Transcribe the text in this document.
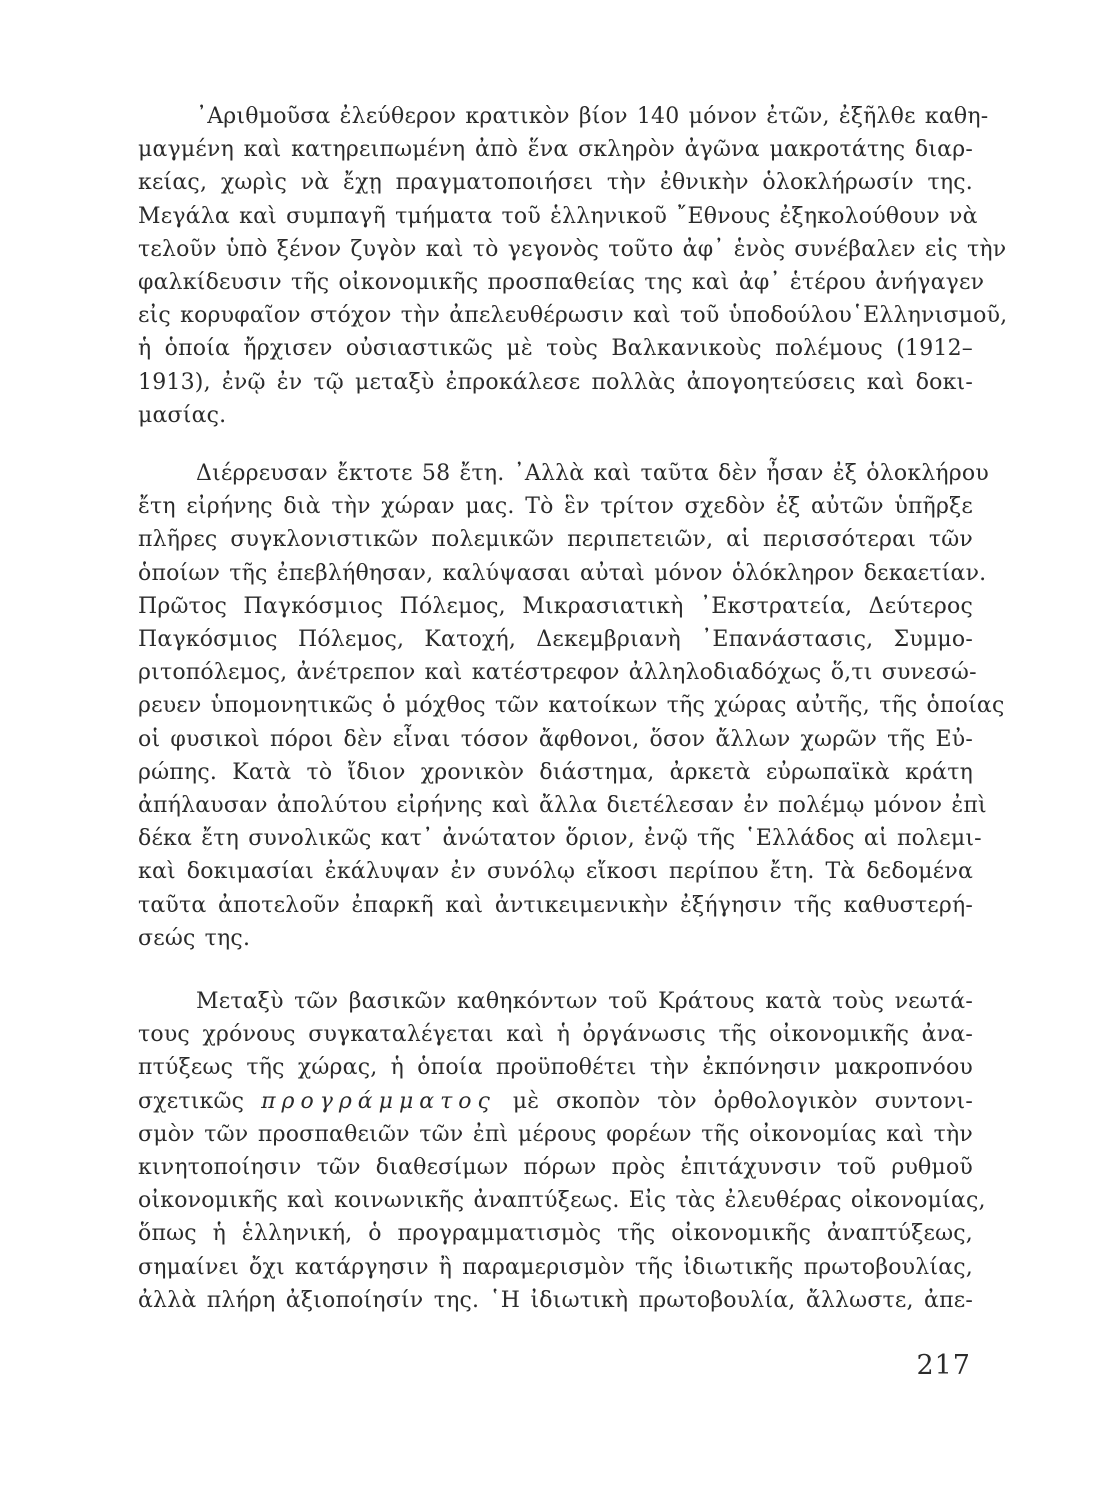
᾽Αριθμοῦσα ἐλεύθερον κρατικὸν βίον 140 μόνον ἐτῶν, ἐξῆλθε καθη-
μαγμένη καὶ κατηρειπωμένη ἀπὸ ἕνα σκληρὸν ἀγῶνα μακροτάτης διαρ-
κείας, χωρὶς νὰ ἔχῃ πραγματοποιήσει τὴν ἐθνικὴν ὁλοκλήρωσίν της.
Μεγάλα καὶ συμπαγῆ τμήματα τοῦ ἑλληνικοῦ ῎Εθνους ἐξηκολούθουν νὰ
τελοῦν ὑπὸ ξένον ζυγὸν καὶ τὸ γεγονὸς τοῦτο ἀφ᾽ ἑνὸς συνέβαλεν εἰς τὴν
φαλκίδευσιν τῆς οἰκονομικῆς προσπαθείας της καὶ ἀφ᾽ ἑτέρου ἀνήγαγεν
εἰς κορυφαῖον στόχον τὴν ἀπελευθέρωσιν καὶ τοῦ ὑποδούλου῾Ελληνισμοῦ,
ἡ ὁποία ἤρχισεν οὐσιαστικῶς μὲ τοὺς Βαλκανικοὺς πολέμους (1912–
1913), ἐνῷ ἐν τῷ μεταξὺ ἐπροκάλεσε πολλὰς ἀπογοητεύσεις καὶ δοκι-
μασίας.
Διέρρευσαν ἔκτοτε 58 ἔτη. ᾽Αλλὰ καὶ ταῦτα δὲν ἦσαν ἐξ ὁλοκλήρου
ἔτη εἰρήνης διὰ τὴν χώραν μας. Τὸ ἓν τρίτον σχεδὸν ἐξ αὐτῶν ὑπῆρξε
πλῆρες συγκλονιστικῶν πολεμικῶν περιπετειῶν, αἱ περισσότεραι τῶν
ὁποίων τῆς ἐπεβλήθησαν, καλύψασαι αὐταὶ μόνον ὁλόκληρον δεκαετίαν.
Πρῶτος Παγκόσμιος Πόλεμος, Μικρασιατικὴ ᾽Εκστρατεία, Δεύτερος
Παγκόσμιος Πόλεμος, Κατοχή, Δεκεμβριανὴ ᾽Επανάστασις, Συμμο-
ριτοπόλεμος, ἀνέτρεπον καὶ κατέστρεφον ἀλληλοδιαδόχως ὅ,τι συνεσώ-
ρευεν ὑπομονητικῶς ὁ μόχθος τῶν κατοίκων τῆς χώρας αὐτῆς, τῆς ὁποίας
οἱ φυσικοὶ πόροι δὲν εἶναι τόσον ἄφθονοι, ὅσον ἄλλων χωρῶν τῆς Εὐ-
ρώπης. Κατὰ τὸ ἴδιον χρονικὸν διάστημα, ἀρκετὰ εὐρωπαϊκὰ κράτη
ἀπήλαυσαν ἀπολύτου εἰρήνης καὶ ἄλλα διετέλεσαν ἐν πολέμῳ μόνον ἐπὶ
δέκα ἔτη συνολικῶς κατ᾽ ἀνώτατον ὅριον, ἐνῷ τῆς ῾Ελλάδος αἱ πολεμι-
καὶ δοκιμασίαι ἐκάλυψαν ἐν συνόλῳ εἴκοσι περίπου ἔτη. Τὰ δεδομένα
ταῦτα ἀποτελοῦν ἐπαρκῆ καὶ ἀντικειμενικὴν ἐξήγησιν τῆς καθυστερή-
σεώς της.
Μεταξὺ τῶν βασικῶν καθηκόντων τοῦ Κράτους κατὰ τοὺς νεωτά-
τους χρόνους συγκαταλέγεται καὶ ἡ ὀργάνωσις τῆς οἰκονομικῆς ἀνα-
πτύξεως τῆς χώρας, ἡ ὁποία προϋποθέτει τὴν ἐκπόνησιν μακροπνόου
σχετικῶς προγράμματος μὲ σκοπὸν τὸν ὀρθολογικὸν συντονι-
σμὸν τῶν προσπαθειῶν τῶν ἐπὶ μέρους φορέων τῆς οἰκονομίας καὶ τὴν
κινητοποίησιν τῶν διαθεσίμων πόρων πρὸς ἐπιτάχυνσιν τοῦ ρυθμοῦ
οἰκονομικῆς καὶ κοινωνικῆς ἀναπτύξεως. Εἰς τὰς ἐλευθέρας οἰκονομίας,
ὅπως ἡ ἑλληνική, ὁ προγραμματισμὸς τῆς οἰκονομικῆς ἀναπτύξεως,
σημαίνει ὄχι κατάργησιν ἢ παραμερισμὸν τῆς ἰδιωτικῆς πρωτοβουλίας,
ἀλλὰ πλήρη ἀξιοποίησίν της. ῾Η ἰδιωτικὴ πρωτοβουλία, ἄλλωστε, ἀπε-
217
